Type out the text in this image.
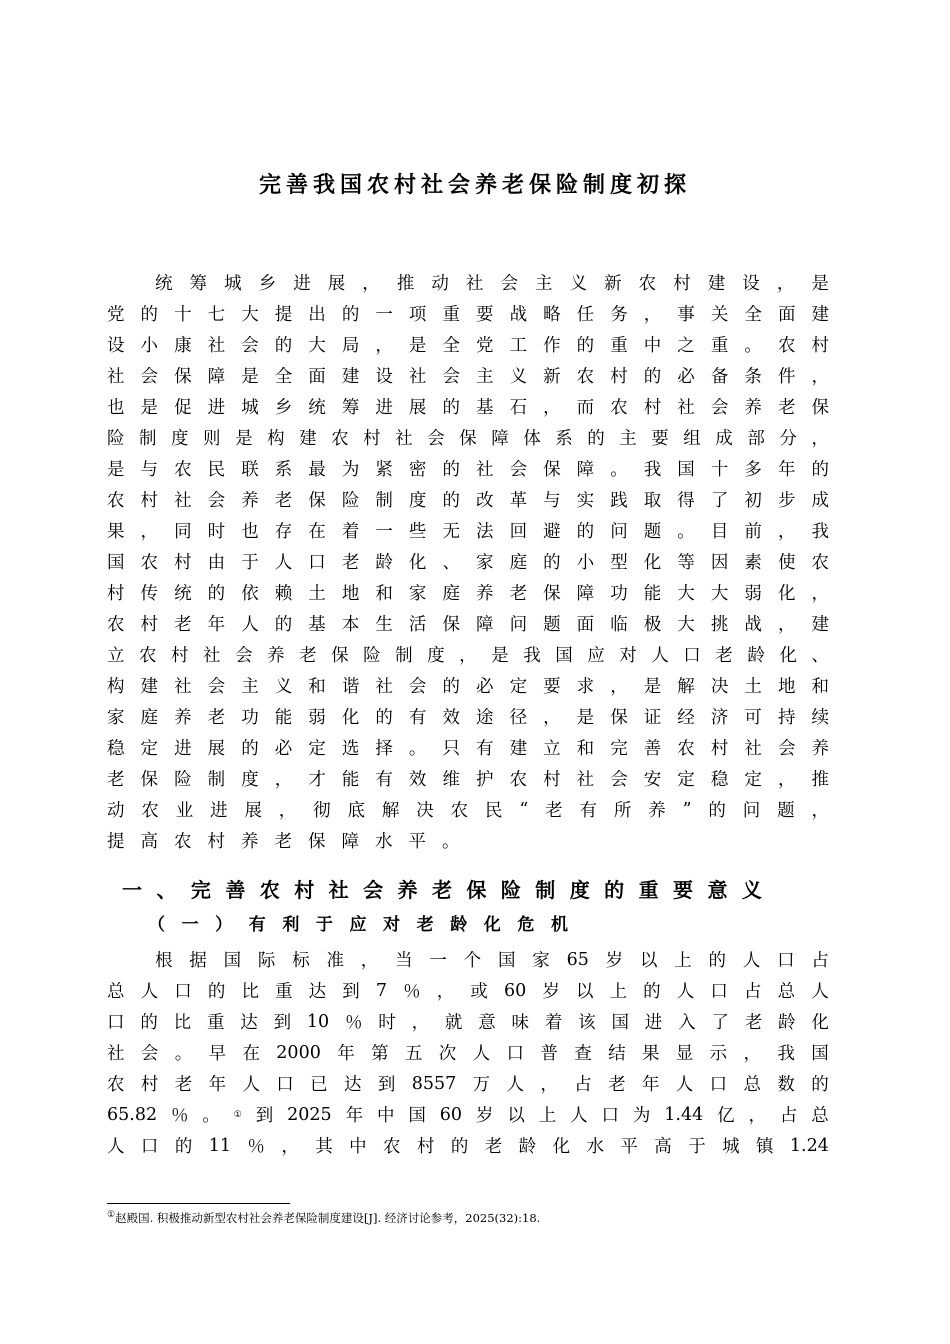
完善我国农村社会养老保险制度初探
统 筹 城 乡 进 展 ， 推 动 社 会 主 义 新 农 村 建 设 ， 是
党 的 十 七 大 提 出 的 一 项 重 要 战 略 任 务 ， 事 关 全 面 建
设 小 康 社 会 的 大 局 ， 是 全 党 工 作 的 重 中 之 重 。 农 村
社 会 保 障 是 全 面 建 设 社 会 主 义 新 农 村 的 必 备 条 件 ，
也 是 促 进 城 乡 统 筹 进 展 的 基 石 ， 而 农 村 社 会 养 老 保
险 制 度 则 是 构 建 农 村 社 会 保 障 体 系 的 主 要 组 成 部 分 ，
是 与 农 民 联 系 最 为 紧 密 的 社 会 保 障 。 我 国 十 多 年 的
农 村 社 会 养 老 保 险 制 度 的 改 革 与 实 践 取 得 了 初 步 成
果 ， 同 时 也 存 在 着 一 些 无 法 回 避 的 问 题 。 目 前 ， 我
国 农 村 由 于 人 口 老 龄 化 、 家 庭 的 小 型 化 等 因 素 使 农
村 传 统 的 依 赖 土 地 和 家 庭 养 老 保 障 功 能 大 大 弱 化 ，
农 村 老 年 人 的 基 本 生 活 保 障 问 题 面 临 极 大 挑 战 ， 建
立 农 村 社 会 养 老 保 险 制 度 ， 是 我 国 应 对 人 口 老 龄 化 、
构 建 社 会 主 义 和 谐 社 会 的 必 定 要 求 ， 是 解 决 土 地 和
家 庭 养 老 功 能 弱 化 的 有 效 途 径 ， 是 保 证 经 济 可 持 续
稳 定 进 展 的 必 定 选 择 。 只 有 建 立 和 完 善 农 村 社 会 养
老 保 险 制 度 ， 才 能 有 效 维 护 农 村 社 会 安 定 稳 定 ， 推
动 农 业 进 展 ， 彻 底 解 决 农 民 “ 老 有 所 养 ” 的 问 题 ，
提 高 农 村 养 老 保 障 水 平 。
一 、 完 善 农 村 社 会 养 老 保 险 制 度 的 重 要 意 义
（ 一 ） 有 利 于 应 对 老 龄 化 危 机
根 据 国 际 标 准 ， 当 一 个 国 家 65 岁 以 上 的 人 口 占
总 人 口 的 比 重 达 到 7 ％ ， 或 60 岁 以 上 的 人 口 占 总 人
口 的 比 重 达 到 10 ％ 时 ， 就 意 味 着 该 国 进 入 了 老 龄 化
社 会 。 早 在 2000 年 第 五 次 人 口 普 查 结 果 显 示 ， 我 国
农 村 老 年 人 口 已 达 到 8557 万 人 ， 占 老 年 人 口 总 数 的
65.82 ％ 。 ① 到 2025 年 中 国 60 岁 以 上 人 口 为 1.44 亿 ， 占 总
人 口 的 11 ％ ， 其 中 农 村 的 老 龄 化 水 平 高 于 城 镇 1.24
①赵殿国. 积极推动新型农村社会养老保险制度建设[J]. 经济讨论参考，2025(32):18.
